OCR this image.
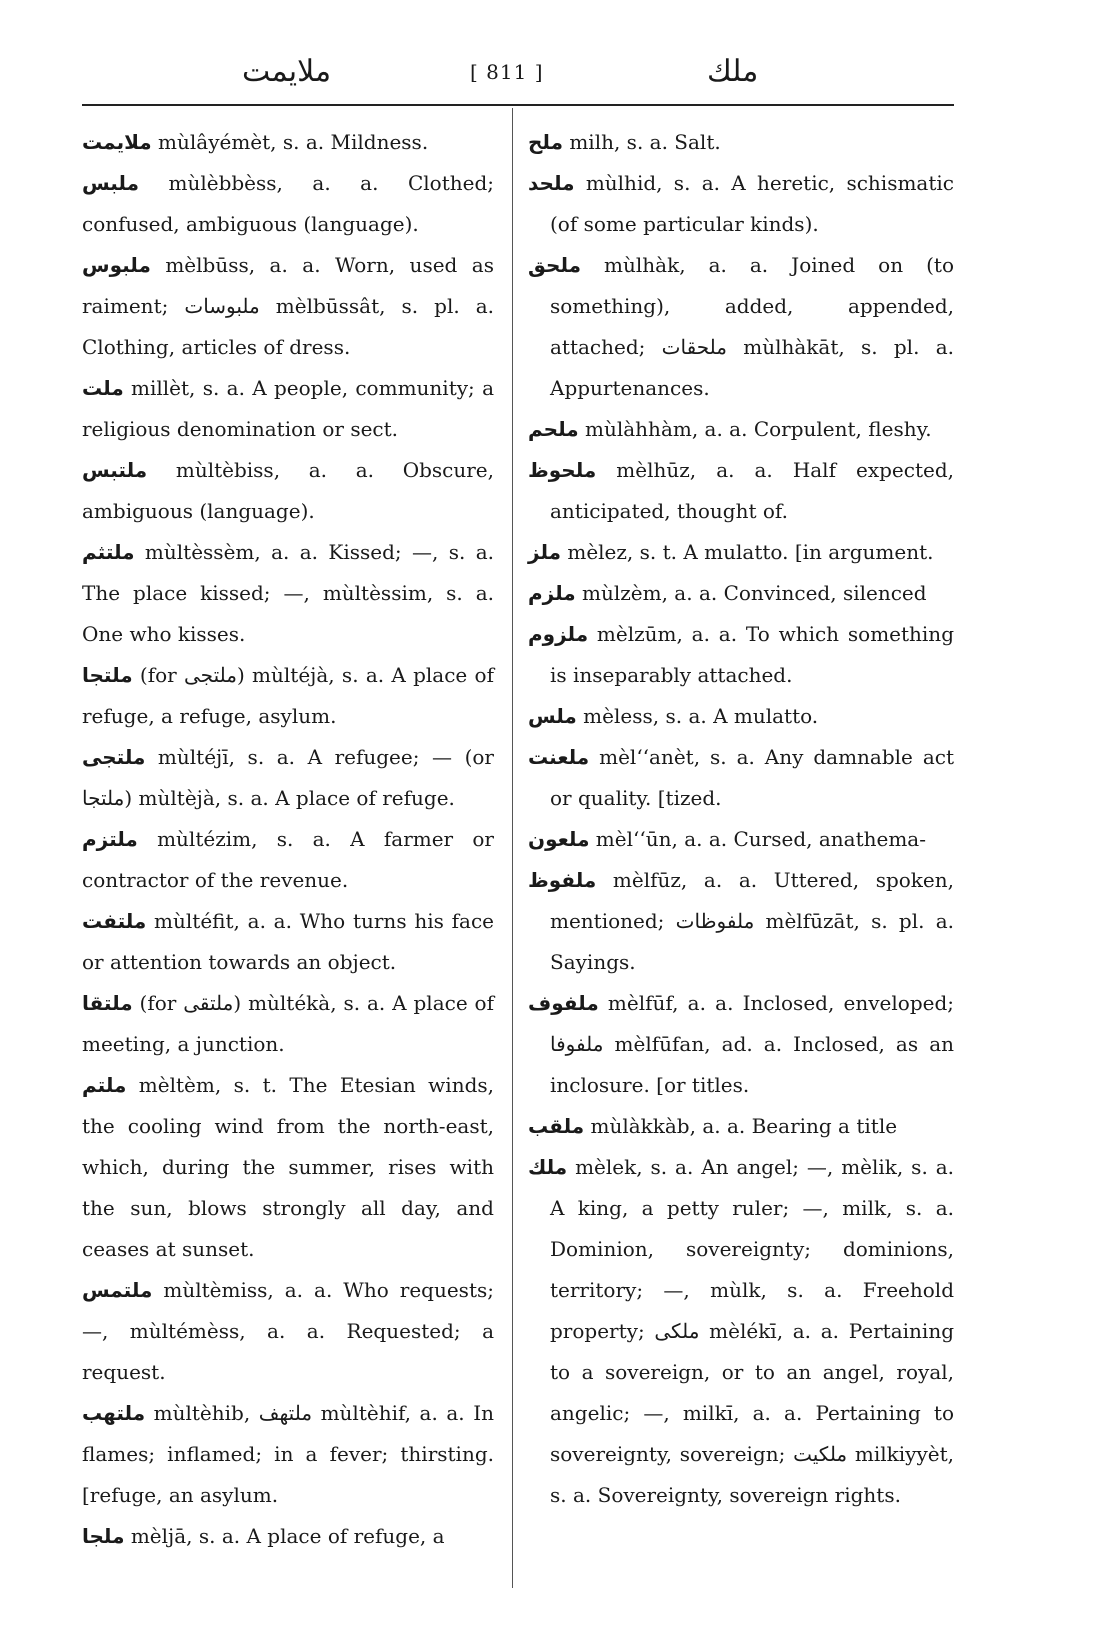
ملايمت	[ 811 ]	ملك

ملايمت mùlâyémèt, s. a. Mildness.

ملبس mùlèbbèss, a. a. Clothed; confused, ambiguous (language).

ملبوس mèlbūss, a. a. Worn, used as raiment; ملبوسات mèlbūssât, s. pl. a. Clothing, articles of dress.

ملت millèt, s. a. A people, community; a religious denomination or sect.

ملتبس mùltèbiss, a. a. Obscure, ambiguous (language).

ملتثم mùltèssèm, a. a. Kissed; —, s. a. The place kissed; —, mùltèssim, s. a. One who kisses.

ملتجا (for ملتجى) mùltéjà, s. a. A place of refuge, a refuge, asylum.

ملتجى mùltéjī, s. a. A refugee; — (or ملتجا) mùltèjà, s. a. A place of refuge.

ملتزم mùltézim, s. a. A farmer or contractor of the revenue.

ملتفت mùltéfit, a. a. Who turns his face or attention towards an object.

ملتقا (for ملتقى) mùltékà, s. a. A place of meeting, a junction.

ملتم mèltèm, s. t. The Etesian winds, the cooling wind from the north-east, which, during the summer, rises with the sun, blows strongly all day, and ceases at sunset.

ملتمس mùltèmiss, a. a. Who requests; —, mùltémèss, a. a. Requested; a request.

ملتهب mùltèhib, ملتهف mùltèhif, a. a. In flames; inflamed; in a fever; thirsting. [refuge, an asylum.

ملجا mèljā, s. a. A place of refuge, a

ملح milh, s. a. Salt.

ملحد mùlhid, s. a. A heretic, schismatic (of some particular kinds).

ملحق mùlhàk, a. a. Joined on (to something), added, appended, attached; ملحقات mùlhàkāt, s. pl. a. Appurtenances.

ملحم mùlàhhàm, a. a. Corpulent, fleshy.

ملحوظ mèlhūz, a. a. Half expected, anticipated, thought of.

ملز mèlez, s. t. A mulatto. [in argument.

ملزم mùlzèm, a. a. Convinced, silenced

ملزوم mèlzūm, a. a. To which something is inseparably attached.

ملس mèless, s. a. A mulatto.

ملعنت mèl‘‘anèt, s. a. Any damnable act or quality. [tized.

ملعون mèl‘‘ūn, a. a. Cursed, anathema-

ملفوظ mèlfūz, a. a. Uttered, spoken, mentioned; ملفوظات mèlfūzāt, s. pl. a. Sayings.

ملفوف mèlfūf, a. a. Inclosed, enveloped; ملفوفا mèlfūfan, ad. a. Inclosed, as an inclosure. [or titles.

ملقب mùlàkkàb, a. a. Bearing a title

ملك mèlek, s. a. An angel; —, mèlik, s. a. A king, a petty ruler; —, milk, s. a. Dominion, sovereignty; dominions, territory; —, mùlk, s. a. Freehold property; ملكى mèlékī, a. a. Pertaining to a sovereign, or to an angel, royal, angelic; —, milkī, a. a. Pertaining to sovereignty, sovereign; ملكيت milkiyyèt, s. a. Sovereignty, sovereign rights.
